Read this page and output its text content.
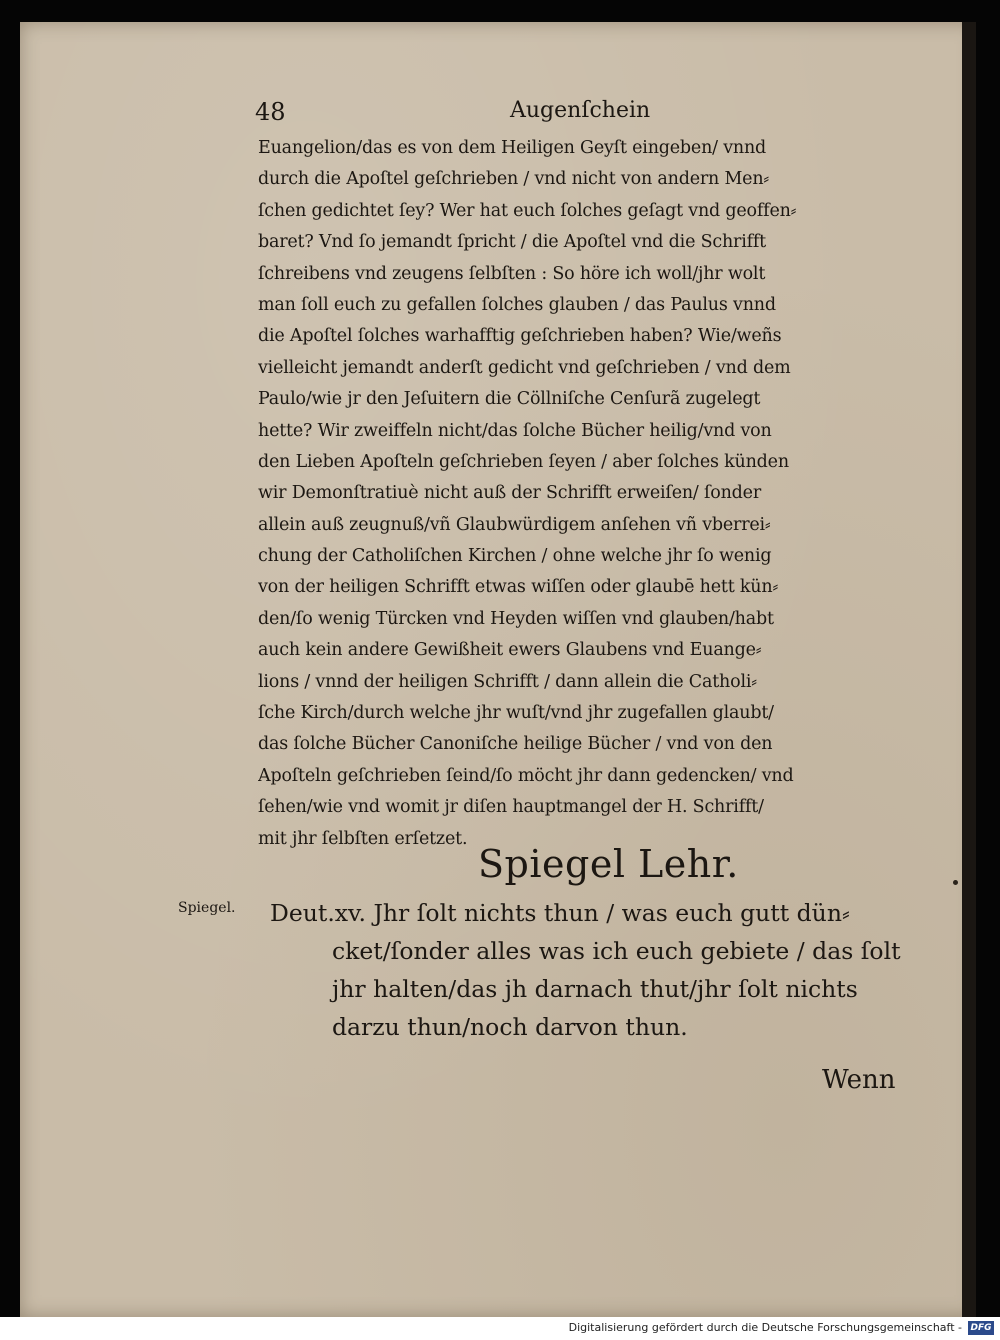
48	Augenſchein
Euangelion/das es von dem Heiligen Geyſt eingeben/ vnnd
durch die Apoſtel geſchrieben / vnd nicht von andern Men⸗
ſchen gedichtet ſey? Wer hat euch ſolches geſagt vnd geoffen⸗
baret? Vnd ſo jemandt ſpricht / die Apoſtel vnd die Schrifft
ſchreibens vnd zeugens ſelbſten : So höre ich woll/jhr wolt
man ſoll euch zu gefallen ſolches glauben / das Paulus vnnd
die Apoſtel ſolches warhafftig geſchrieben haben? Wie/weñs
vielleicht jemandt anderſt gedicht vnd geſchrieben / vnd dem
Paulo/wie jr den Jeſuitern die Cöllniſche Cenſurã zugelegt
hette? Wir zweiffeln nicht/das ſolche Bücher heilig/vnd von
den Lieben Apoſteln geſchrieben ſeyen / aber ſolches künden
wir Demonſtratiuè nicht auß der Schrifft erweiſen/ ſonder
allein auß zeugnuß/vñ Glaubwürdigem anſehen vñ vberrei⸗
chung der Catholiſchen Kirchen / ohne welche jhr ſo wenig
von der heiligen Schrifft etwas wiſſen oder glaubē hett kün⸗
den/ſo wenig Türcken vnd Heyden wiſſen vnd glauben/habt
auch kein andere Gewißheit ewers Glaubens vnd Euange⸗
lions / vnnd der heiligen Schrifft / dann allein die Catholi⸗
ſche Kirch/durch welche jhr wuſt/vnd jhr zugefallen glaubt/
das ſolche Bücher Canoniſche heilige Bücher / vnd von den
Apoſteln geſchrieben ſeind/ſo möcht jhr dann gedencken/ vnd
ſehen/wie vnd womit jr diſen hauptmangel der H. Schrifft/
mit jhr ſelbſten erſetzet.
Spiegel Lehr.
Spiegel. Deut.xv. Jhr ſolt nichts thun / was euch gutt dün⸗
cket/ſonder alles was ich euch gebiete / das ſolt
jhr halten/das jh darnach thut/jhr ſolt nichts
darzu thun/noch darvon thun.
Wenn
Digitalisierung gefördert durch die Deutsche Forschungsgemeinschaft - DFG
